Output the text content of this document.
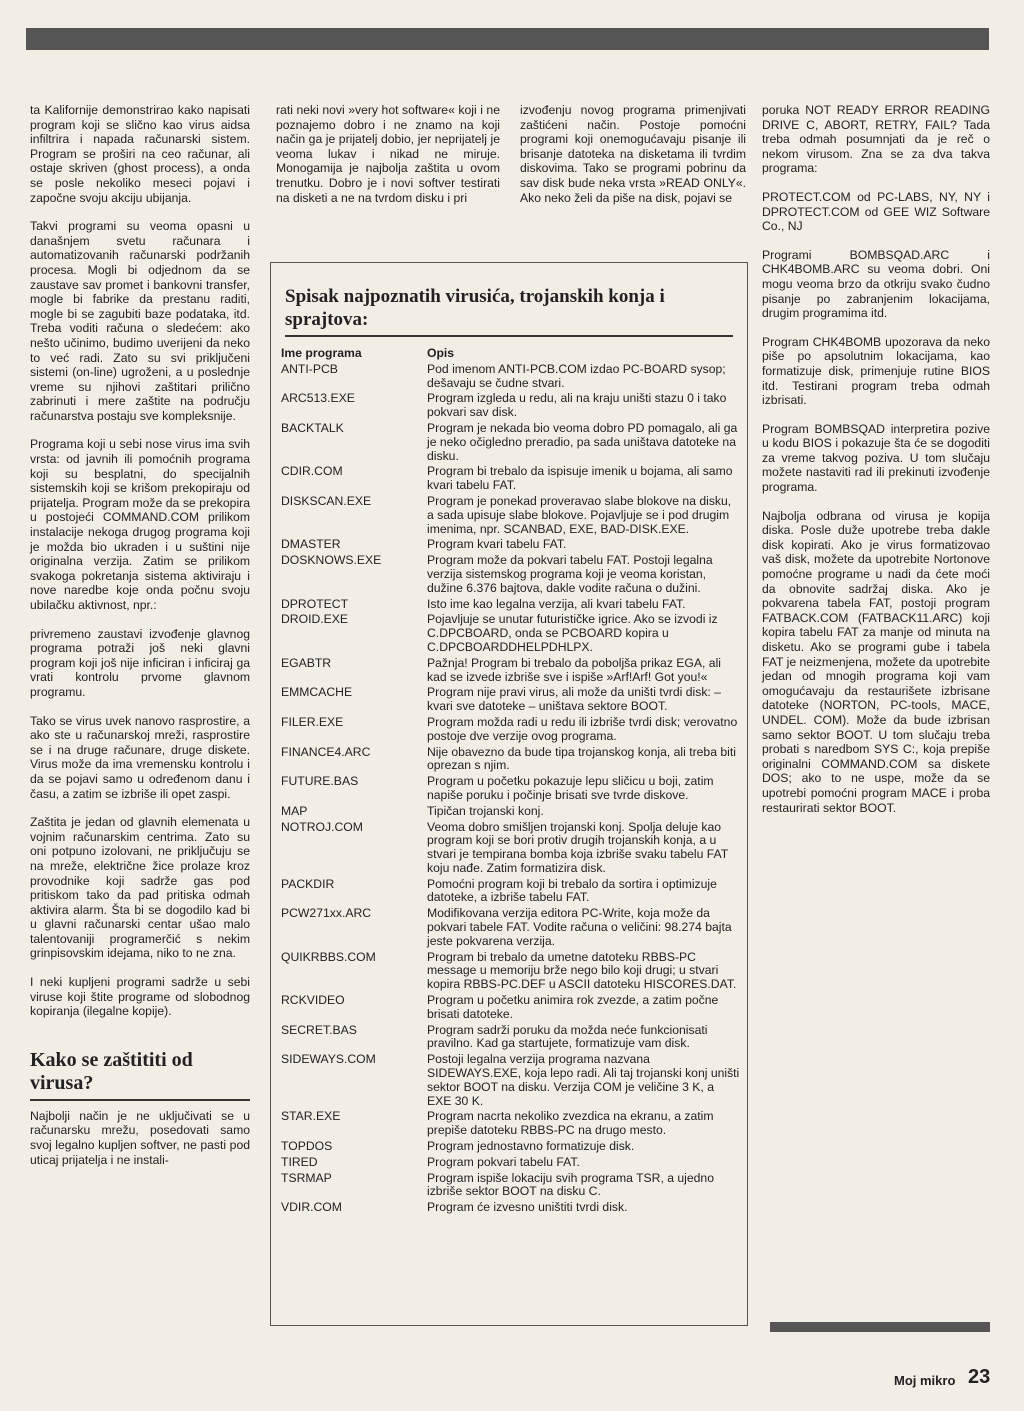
ta Kalifornije demonstrirao kako napisati program koji se slično kao virus aidsa infiltrira i napada računarski sistem. Program se proširi na ceo računar, ali ostaje skriven (ghost process), a onda se posle nekoliko meseci pojavi i započne svoju akciju ubijanja.

Takvi programi su veoma opasni u današnjem svetu računara i automatizovanih računarski podržanih procesa. Mogli bi odjednom da se zaustave sav promet i bankovni transfer, mogle bi fabrike da prestanu raditi, mogle bi se zagubiti baze podataka, itd. Treba voditi računa o sledećem: ako nešto učinimo, budimo uverijeni da neko to već radi. Zato su svi priključeni sistemi (on-line) ugroženi, a u poslednje vreme su njihovi zaštitari prilično zabrinuti i mere zaštite na području računarstva postaju sve kompleksnije.

Programa koji u sebi nose virus ima svih vrsta: od javnih ili pomoćnih programa koji su besplatni, do specijalnih sistemskih koji se krišom prekopiraju od prijatelja. Program može da se prekopira u postojeći COMMAND.COM prilikom instalacije nekoga drugog programa koji je možda bio ukraden i u suštini nije originalna verzija. Zatim se prilikom svakoga pokretanja sistema aktiviraju i nove naredbe koje onda počnu svoju ubilačku aktivnost, npr.:

privremeno zaustavi izvođenje glavnog programa potraži još neki glavni program koji još nije inficiran i inficiraj ga vrati kontrolu prvome glavnom programu.

Tako se virus uvek nanovo rasprostire, a ako ste u računarskoj mreži, rasprostire se i na druge računare, druge diskete. Virus može da ima vremensku kontrolu i da se pojavi samo u određenom danu i času, a zatim se izbriše ili opet zaspi.

Zaštita je jedan od glavnih elemenata u vojnim računarskim centrima. Zato su oni potpuno izolovani, ne priključuju se na mreže, električne žice prolaze kroz provodnike koji sadrže gas pod pritiskom tako da pad pritiska odmah aktivira alarm. Šta bi se dogodilo kad bi u glavni računarski centar ušao malo talentovaniji programerčić s nekim grinpisovskim idejama, niko to ne zna.

I neki kupljeni programi sadrže u sebi viruse koji štite programe od slobodnog kopiranja (ilegalne kopije).

Kako se zaštititi od virusa?

Najbolji način je ne uključivati se u računarsku mrežu, posedovati samo svoj legalno kupljen softver, ne pasti pod uticaj prijatelja i ne instali-

rati neki novi »very hot software« koji i ne poznajemo dobro i ne znamo na koji način ga je prijatelj dobio, jer neprijatelj je veoma lukav i nikad ne miruje. Monogamija je najbolja zaštita u ovom trenutku. Dobro je i novi softver testirati na disketi a ne na tvrdom disku i pri

izvođenju novog programa primenjivati zaštićeni način. Postoje pomoćni programi koji onemogućavaju pisanje ili brisanje datoteka na disketama ili tvrdim diskovima. Tako se programi pobrinu da sav disk bude neka vrsta »READ ONLY«. Ako neko želi da piše na disk, pojavi se

poruka NOT READY ERROR READING DRIVE C, ABORT, RETRY, FAIL? Tada treba odmah posumnjati da je reč o nekom virusom. Zna se za dva takva programa:

PROTECT.COM od PC-LABS, NY, NY i DPROTECT.COM od GEE WIZ Software Co., NJ

Programi BOMBSQAD.ARC i CHK4BOMB.ARC su veoma dobri. Oni mogu veoma brzo da otkriju svako čudno pisanje po zabranjenim lokacijama, drugim programima itd.

Program CHK4BOMB upozorava da neko piše po apsolutnim lokacijama, kao formatizuje disk, primenjuje rutine BIOS itd. Testirani program treba odmah izbrisati.

Program BOMBSQAD interpretira pozive u kodu BIOS i pokazuje šta će se dogoditi za vreme takvog poziva. U tom slučaju možete nastaviti rad ili prekinuti izvođenje programa.

Najbolja odbrana od virusa je kopija diska. Posle duže upotrebe treba dakle disk kopirati. Ako je virus formatizovao vaš disk, možete da upotrebite Nortonove pomoćne programe u nadi da ćete moći da obnovite sadržaj diska. Ako je pokvarena tabela FAT, postoji program FATBACK.COM (FATBACK11.ARC) koji kopira tabelu FAT za manje od minuta na disketu. Ako se programi gube i tabela FAT je neizmenjena, možete da upotrebite jedan od mnogih programa koji vam omogućavaju da restaurišete izbrisane datoteke (NORTON, PC-tools, MACE, UNDEL. COM). Može da bude izbrisan samo sektor BOOT. U tom slučaju treba probati s naredbom SYS C:, koja prepiše originalni COMMAND.COM sa diskete DOS; ako to ne uspe, može da se upotrebi pomoćni program MACE i proba restaurirati sektor BOOT.

Spisak najpoznatih virusića, trojanskih konja i sprajtova:
Ime programa	Opis
ANTI-PCB	Pod imenom ANTI-PCB.COM izdao PC-BOARD sysop; dešavaju se čudne stvari.
ARC513.EXE	Program izgleda u redu, ali na kraju uništi stazu 0 i tako pokvari sav disk.
BACKTALK	Program je nekada bio veoma dobro PD pomagalo, ali ga je neko očigledno preradio, pa sada uništava datoteke na disku.
CDIR.COM	Program bi trebalo da ispisuje imenik u bojama, ali samo kvari tabelu FAT.
DISKSCAN.EXE	Program je ponekad proveravao slabe blokove na disku, a sada upisuje slabe blokove. Pojavljuje se i pod drugim imenima, npr. SCANBAD, EXE, BAD-DISK.EXE.
DMASTER	Program kvari tabelu FAT.
DOSKNOWS.EXE	Program može da pokvari tabelu FAT. Postoji legalna verzija sistemskog programa koji je veoma koristan, dužine 6.376 bajtova, dakle vodite računa o dužini.
DPROTECT	Isto ime kao legalna verzija, ali kvari tabelu FAT.
DROID.EXE	Pojavljuje se unutar futurističke igrice. Ako se izvodi iz C.DPCBOARD, onda se PCBOARD kopira u C.DPCBOARDDHELPDHLPX.
EGABTR	Pažnja! Program bi trebalo da poboljša prikaz EGA, ali kad se izvede izbriše sve i ispiše »Arf!Arf! Got you!«
EMMCACHE	Program nije pravi virus, ali može da uništi tvrdi disk: – kvari sve datoteke – uništava sektore BOOT.
FILER.EXE	Program možda radi u redu ili izbriše tvrdi disk; verovatno postoje dve verzije ovog programa.
FINANCE4.ARC	Nije obavezno da bude tipa trojanskog konja, ali treba biti oprezan s njim.
FUTURE.BAS	Program u početku pokazuje lepu sličicu u boji, zatim napiše poruku i počinje brisati sve tvrde diskove.
MAP	Tipičan trojanski konj.
NOTROJ.COM	Veoma dobro smišljen trojanski konj. Spolja deluje kao program koji se bori protiv drugih trojanskih konja, a u stvari je tempirana bomba koja izbriše svaku tabelu FAT koju nađe. Zatim formatizira disk.
PACKDIR	Pomoćni program koji bi trebalo da sortira i optimizuje datoteke, a izbriše tabelu FAT.
PCW271xx.ARC	Modifikovana verzija editora PC-Write, koja može da pokvari tabele FAT. Vodite računa o veličini: 98.274 bajta jeste pokvarena verzija.
QUIKRBBS.COM	Program bi trebalo da umetne datoteku RBBS-PC message u memoriju brže nego bilo koji drugi; u stvari kopira RBBS-PC.DEF u ASCII datoteku HISCORES.DAT.
RCKVIDEO	Program u početku animira rok zvezde, a zatim počne brisati datoteke.
SECRET.BAS	Program sadrži poruku da možda neće funkcionisati pravilno. Kad ga startujete, formatizuje vam disk.
SIDEWAYS.COM	Postoji legalna verzija programa nazvana SIDEWAYS.EXE, koja lepo radi. Ali taj trojanski konj uništi sektor BOOT na disku. Verzija COM je veličine 3 K, a EXE 30 K.
STAR.EXE	Program nacrta nekoliko zvezdica na ekranu, a zatim prepiše datoteku RBBS-PC na drugo mesto.
TOPDOS	Program jednostavno formatizuje disk.
TIRED	Program pokvari tabelu FAT.
TSRMAP	Program ispiše lokaciju svih programa TSR, a ujedno izbriše sektor BOOT na disku C.
VDIR.COM	Program će izvesno uništiti tvrdi disk.
Moj mikro 23
